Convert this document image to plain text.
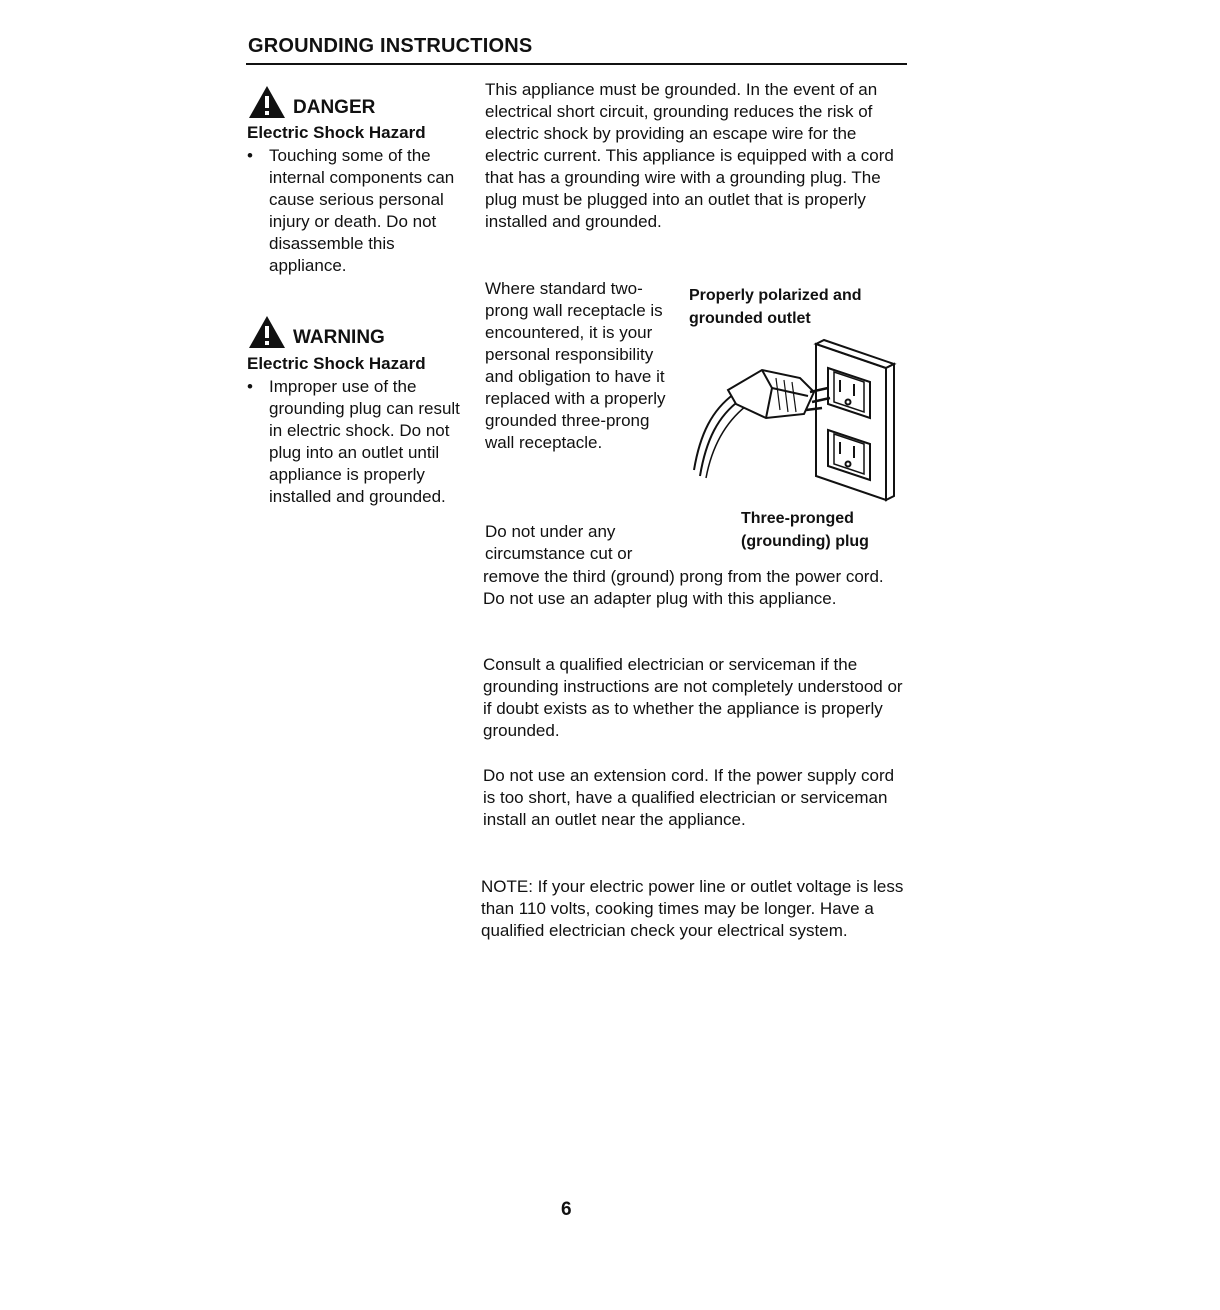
GROUNDING INSTRUCTIONS
DANGER
Electric Shock Hazard
• Touching some of the internal components can cause serious personal injury or death. Do not disassemble this appliance.
WARNING
Electric Shock Hazard
• Improper use of the grounding plug can result in electric shock. Do not plug into an outlet until appliance is properly installed and grounded.
This appliance must be grounded. In the event of an electrical short circuit, grounding reduces the risk of electric shock by providing an escape wire for the electric current. This appliance is equipped with a cord that has a grounding wire with a grounding plug. The plug must be plugged into an outlet that is properly installed and grounded.
Where standard two-prong wall receptacle is encountered, it is your personal responsibility and obligation to have it replaced with a properly grounded three-prong wall receptacle.
Do not under any circumstance cut or
remove the third (ground) prong from the power cord. Do not use an adapter plug with this appliance.
Consult a qualified electrician or serviceman if the grounding instructions are not completely understood or if doubt exists as to whether the appliance is properly grounded.
Do not use an extension cord. If the power supply cord is too short, have a qualified electrician or serviceman install an outlet near the appliance.
NOTE: If your electric power line or outlet voltage is less than 110 volts, cooking times may be longer. Have a qualified electrician check your electrical system.
Properly polarized and grounded outlet
Three-pronged (grounding) plug
6
